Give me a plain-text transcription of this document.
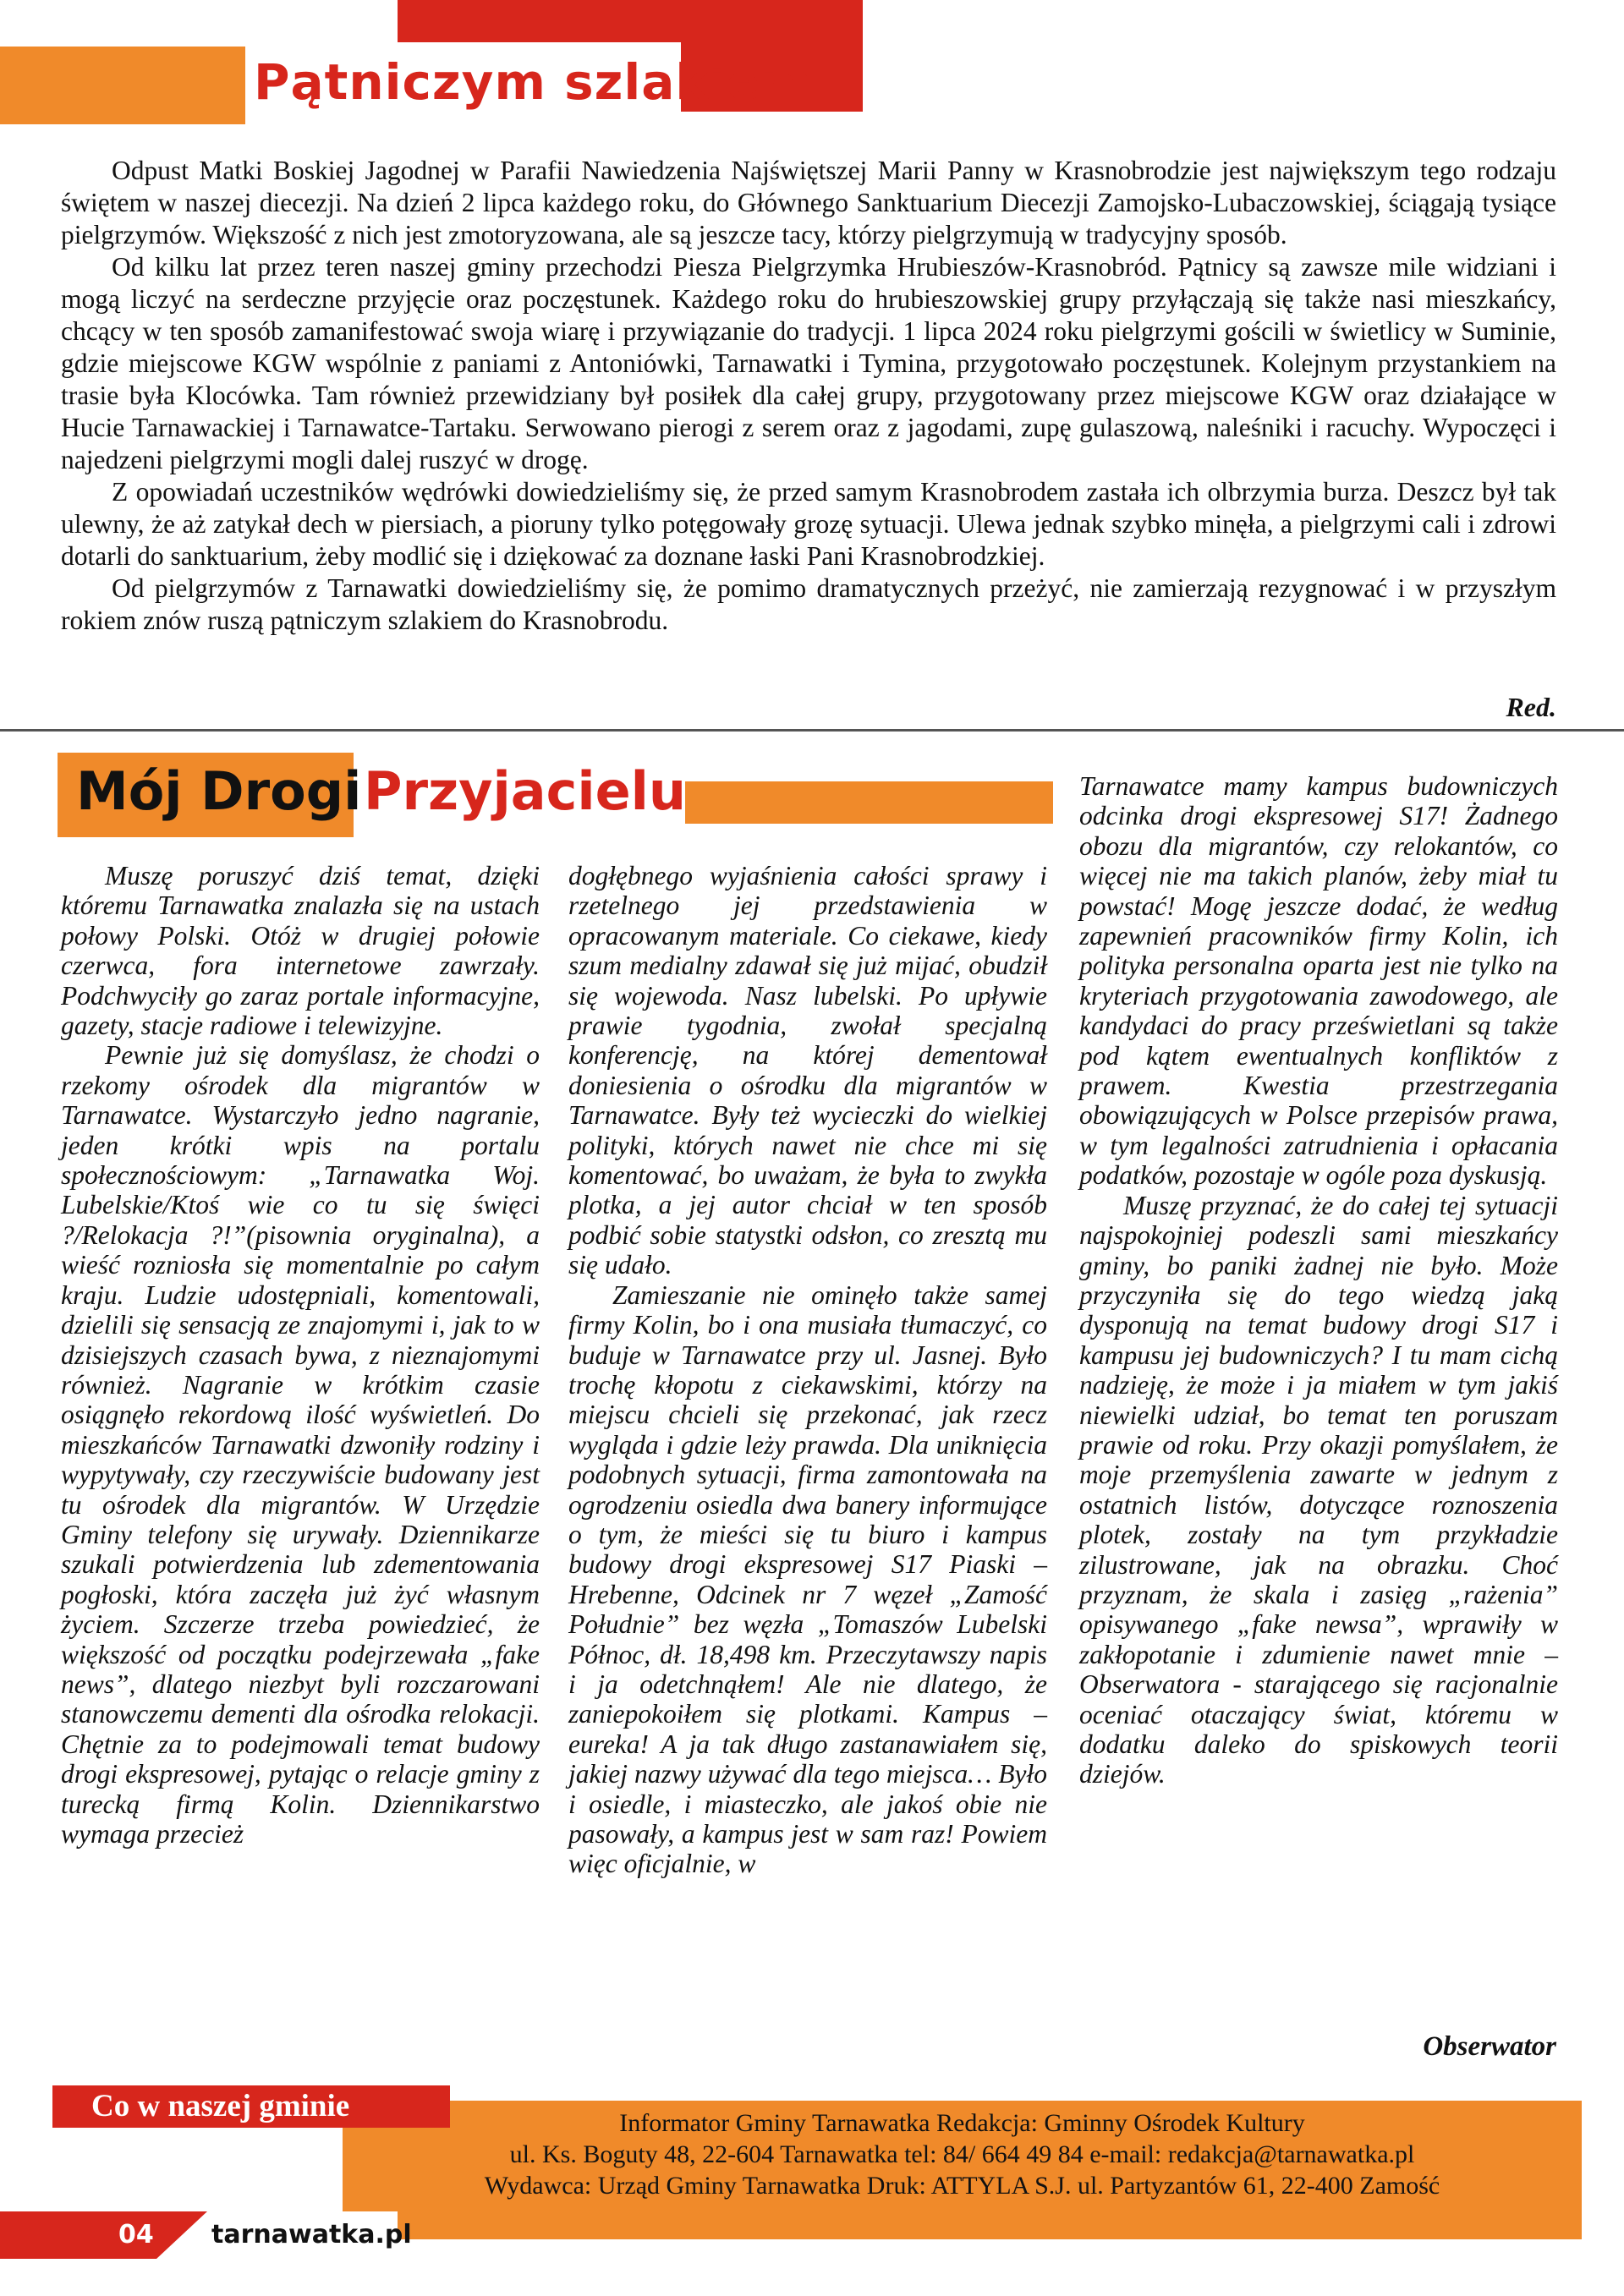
Pątniczym szlakiem

Odpust Matki Boskiej Jagodnej w Parafii Nawiedzenia Najświętszej Marii Panny w Krasnobrodzie jest największym tego rodzaju świętem w naszej diecezji. Na dzień 2 lipca każdego roku, do Głównego Sanktuarium Diecezji Zamojsko-Lubaczowskiej, ściągają tysiące pielgrzymów. Większość z nich jest zmotoryzowana, ale są jeszcze tacy, którzy pielgrzymują w tradycyjny sposób.

Od kilku lat przez teren naszej gminy przechodzi Piesza Pielgrzymka Hrubieszów-Krasnobród. Pątnicy są zawsze mile widziani i mogą liczyć na serdeczne przyjęcie oraz poczęstunek. Każdego roku do hrubieszowskiej grupy przyłączają się także nasi mieszkańcy, chcący w ten sposób zamanifestować swoja wiarę i przywiązanie do tradycji. 1 lipca 2024 roku pielgrzymi gościli w świetlicy w Suminie, gdzie miejscowe KGW wspólnie z paniami z Antoniówki, Tarnawatki i Tymina, przygotowało poczęstunek. Kolejnym przystankiem na trasie była Klocówka. Tam również przewidziany był posiłek dla całej grupy, przygotowany przez miejscowe KGW oraz działające w Hucie Tarnawackiej i Tarnawatce-Tartaku. Serwowano pierogi z serem oraz z jagodami, zupę gulaszową, naleśniki i racuchy. Wypoczęci i najedzeni pielgrzymi mogli dalej ruszyć w drogę.

Z opowiadań uczestników wędrówki dowiedzieliśmy się, że przed samym Krasnobrodem zastała ich olbrzymia burza. Deszcz był tak ulewny, że aż zatykał dech w piersiach, a pioruny tylko potęgowały grozę sytuacji. Ulewa jednak szybko minęła, a pielgrzymi cali i zdrowi dotarli do sanktuarium, żeby modlić się i dziękować za doznane łaski Pani Krasnobrodzkiej.

Od pielgrzymów z Tarnawatki dowiedzieliśmy się, że pomimo dramatycznych przeżyć, nie zamierzają rezygnować i w przyszłym rokiem znów ruszą pątniczym szlakiem do Krasnobrodu.

Red.
Mój Drogi Przyjacielu

Muszę poruszyć dziś temat, dzięki któremu Tarnawatka znalazła się na ustach połowy Polski. Otóż w drugiej połowie czerwca, fora internetowe zawrzały. Podchwyciły go zaraz portale informacyjne, gazety, stacje radiowe i telewizyjne.

Pewnie już się domyślasz, że chodzi o rzekomy ośrodek dla migrantów w Tarnawatce. Wystarczyło jedno nagranie, jeden krótki wpis na portalu społecznościowym: „Tarnawatka Woj. Lubelskie/Ktoś wie co tu się święci ?/Relokacja ?!”(pisownia oryginalna), a wieść rozniosła się momentalnie po całym kraju. Ludzie udostępniali, komentowali, dzielili się sensacją ze znajomymi i, jak to w dzisiejszych czasach bywa, z nieznajomymi również. Nagranie w krótkim czasie osiągnęło rekordową ilość wyświetleń. Do mieszkańców Tarnawatki dzwoniły rodziny i wypytywały, czy rzeczywiście budowany jest tu ośrodek dla migrantów. W Urzędzie Gminy telefony się urywały. Dziennikarze szukali potwierdzenia lub zdementowania pogłoski, która zaczęła już żyć własnym życiem. Szczerze trzeba powiedzieć, że większość od początku podejrzewała „fake news”, dlatego niezbyt byli rozczarowani stanowczemu dementi dla ośrodka relokacji. Chętnie za to podejmowali temat budowy drogi ekspresowej, pytając o relacje gminy z turecką firmą Kolin. Dziennikarstwo wymaga przecież

dogłębnego wyjaśnienia całości sprawy i rzetelnego jej przedstawienia w opracowanym materiale. Co ciekawe, kiedy szum medialny zdawał się już mijać, obudził się wojewoda. Nasz lubelski. Po upływie prawie tygodnia, zwołał specjalną konferencję, na której dementował doniesienia o ośrodku dla migrantów w Tarnawatce. Były też wycieczki do wielkiej polityki, których nawet nie chce mi się komentować, bo uważam, że była to zwykła plotka, a jej autor chciał w ten sposób podbić sobie statystki odsłon, co zresztą mu się udało.

Zamieszanie nie ominęło także samej firmy Kolin, bo i ona musiała tłumaczyć, co buduje w Tarnawatce przy ul. Jasnej. Było trochę kłopotu z ciekawskimi, którzy na miejscu chcieli się przekonać, jak rzecz wygląda i gdzie leży prawda. Dla uniknięcia podobnych sytuacji, firma zamontowała na ogrodzeniu osiedla dwa banery informujące o tym, że mieści się tu biuro i kampus budowy drogi ekspresowej S17 Piaski – Hrebenne, Odcinek nr 7 węzeł „Zamość Południe” bez węzła „Tomaszów Lubelski Północ, dł. 18,498 km. Przeczytawszy napis i ja odetchnąłem! Ale nie dlatego, że zaniepokoiłem się plotkami. Kampus – eureka! A ja tak długo zastanawiałem się, jakiej nazwy używać dla tego miejsca… Było i osiedle, i miasteczko, ale jakoś obie nie pasowały, a kampus jest w sam raz! Powiem więc oficjalnie, w

Tarnawatce mamy kampus budowniczych odcinka drogi ekspresowej S17! Żadnego obozu dla migrantów, czy relokantów, co więcej nie ma takich planów, żeby miał tu powstać! Mogę jeszcze dodać, że według zapewnień pracowników firmy Kolin, ich polityka personalna oparta jest nie tylko na kryteriach przygotowania zawodowego, ale kandydaci do pracy prześwietlani są także pod kątem ewentualnych konfliktów z prawem. Kwestia przestrzegania obowiązujących w Polsce przepisów prawa, w tym legalności zatrudnienia i opłacania podatków, pozostaje w ogóle poza dyskusją.

Muszę przyznać, że do całej tej sytuacji najspokojniej podeszli sami mieszkańcy gminy, bo paniki żadnej nie było. Może przyczyniła się do tego wiedzą jaką dysponują na temat budowy drogi S17 i kampusu jej budowniczych? I tu mam cichą nadzieję, że może i ja miałem w tym jakiś niewielki udział, bo temat ten poruszam prawie od roku. Przy okazji pomyślałem, że moje przemyślenia zawarte w jednym z ostatnich listów, dotyczące roznoszenia plotek, zostały na tym przykładzie zilustrowane, jak na obrazku. Choć przyznam, że skala i zasięg „rażenia” opisywanego „fake newsa”, wprawiły w zakłopotanie i zdumienie nawet mnie – Obserwatora - starającego się racjonalnie oceniać otaczający świat, któremu w dodatku daleko do spiskowych teorii dziejów.

Obserwator
Co w naszej gminie	Informator Gminy Tarnawatka Redakcja: Gminny Ośrodek Kultury
ul. Ks. Boguty 48, 22-604 Tarnawatka tel: 84/ 664 49 84 e-mail: redakcja@tarnawatka.pl
Wydawca: Urząd Gminy Tarnawatka Druk: ATTYLA S.J. ul. Partyzantów 61, 22-400 Zamość
04 tarnawatka.pl
